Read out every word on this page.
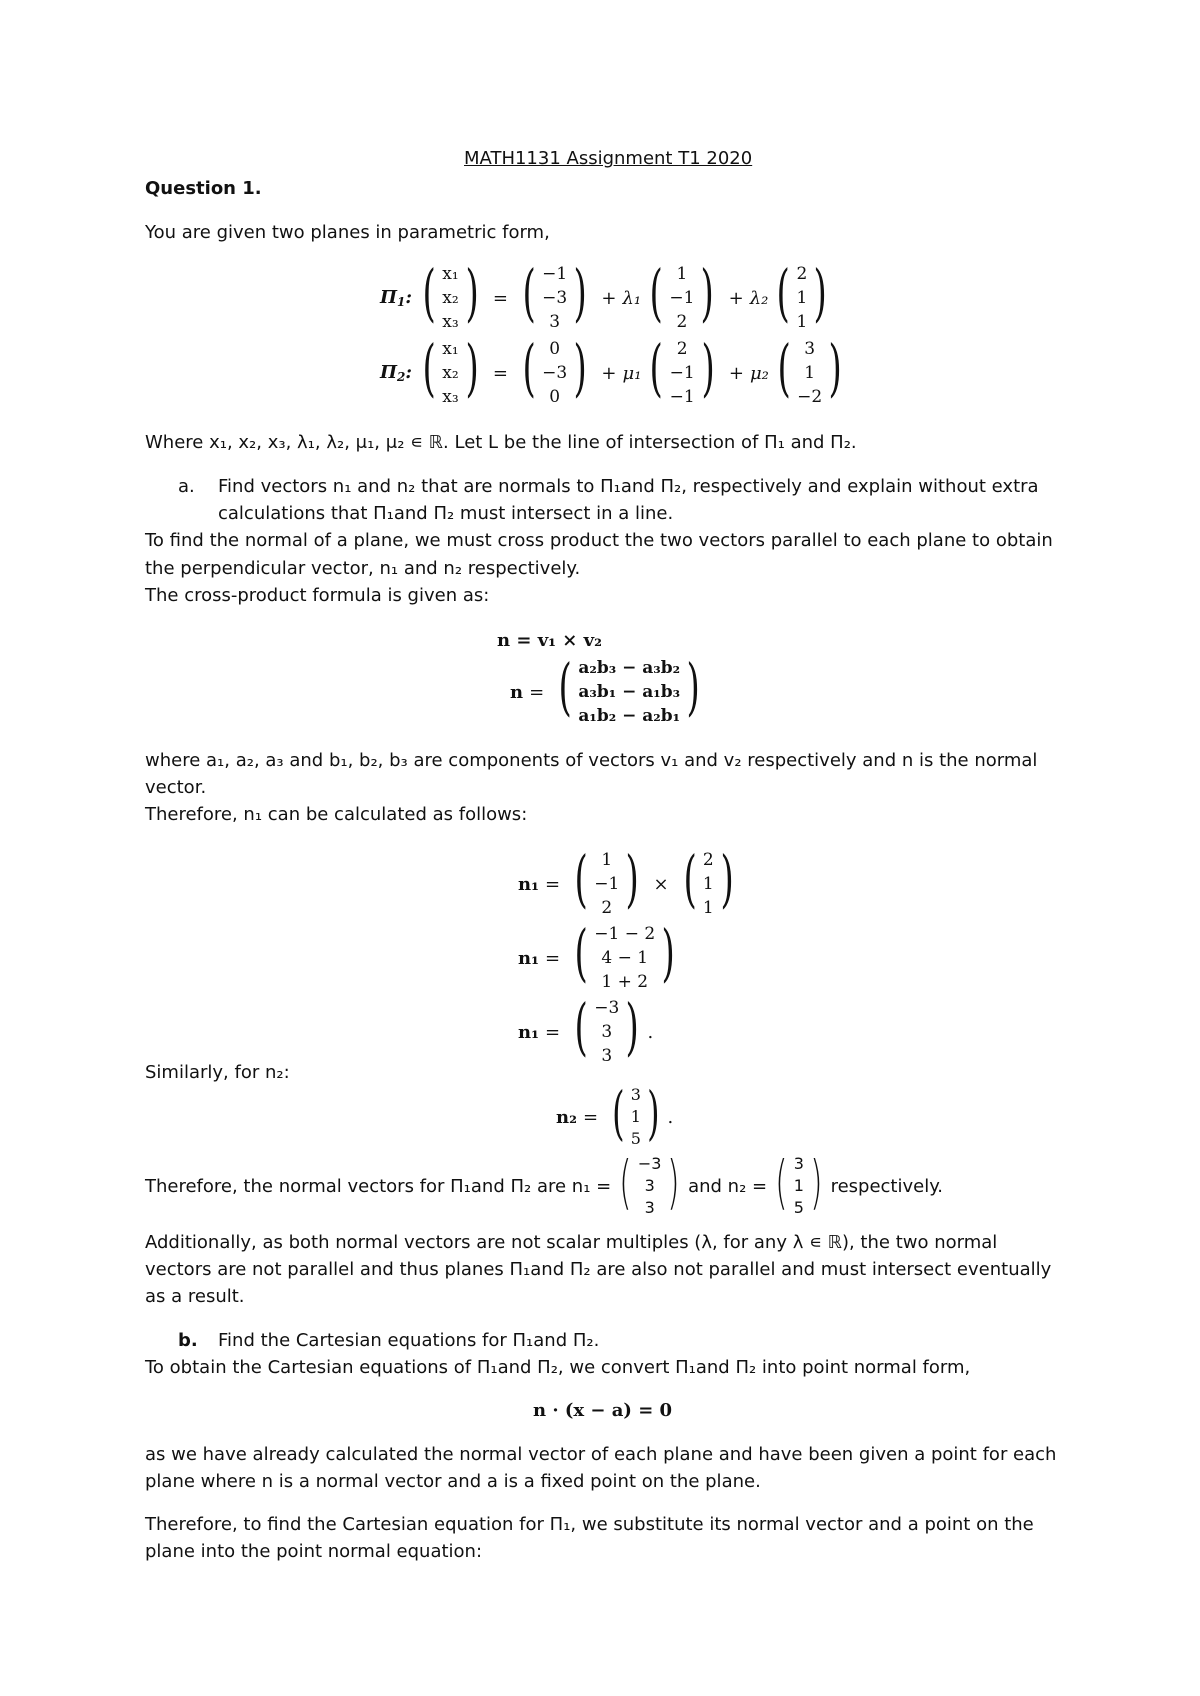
MATH1131 Assignment T1 2020
Question 1.
You are given two planes in parametric form,
$\Pi_1$: ( x₁
x₂
x₃ ) = ( −1
−3
3 ) + λ₁ ( 1
−1
2 ) + λ₂ ( 2
1
1 )
$\Pi_2$: ( x₁
x₂
x₃ ) = ( 0
−3
0 ) + μ₁ ( 2
−1
−1 ) + μ₂ ( 3
1
−2 )
Where x₁, x₂, x₃, λ₁, λ₂, μ₁, μ₂ ∊ ℝ. Let L be the line of intersection of Π₁ and Π₂.
a. Find vectors n₁ and n₂ that are normals to Π₁and Π₂, respectively and explain without extra
calculations that Π₁and Π₂ must intersect in a line.
To find the normal of a plane, we must cross product the two vectors parallel to each plane to obtain
the perpendicular vector, n₁ and n₂ respectively.
The cross-product formula is given as:
n = v₁ × v₂
n = ( a₂b₃ − a₃b₂
a₃b₁ − a₁b₃
a₁b₂ − a₂b₁ )
where a₁, a₂, a₃ and b₁, b₂, b₃ are components of vectors v₁ and v₂ respectively and n is the normal
vector.
Therefore, n₁ can be calculated as follows:
n₁ = ( 1
−1
2 ) × ( 2
1
1 )
n₁ = ( −1 − 2
4 − 1
1 + 2 )
n₁ = ( −3
3
3 ) .
Similarly, for n₂:
n₂ = ( 3
1
5 ) .
Therefore, the normal vectors for Π₁and Π₂ are n₁ = ( −3
3
3 ) and n₂ = ( 3
1
5 ) respectively.
Additionally, as both normal vectors are not scalar multiples (λ, for any λ ∊ ℝ), the two normal
vectors are not parallel and thus planes Π₁and Π₂ are also not parallel and must intersect eventually
as a result.
b. Find the Cartesian equations for Π₁and Π₂.
To obtain the Cartesian equations of Π₁and Π₂, we convert Π₁and Π₂ into point normal form,
n · (x − a) = 0
as we have already calculated the normal vector of each plane and have been given a point for each
plane where n is a normal vector and a is a fixed point on the plane.
Therefore, to find the Cartesian equation for Π₁, we substitute its normal vector and a point on the
plane into the point normal equation:
